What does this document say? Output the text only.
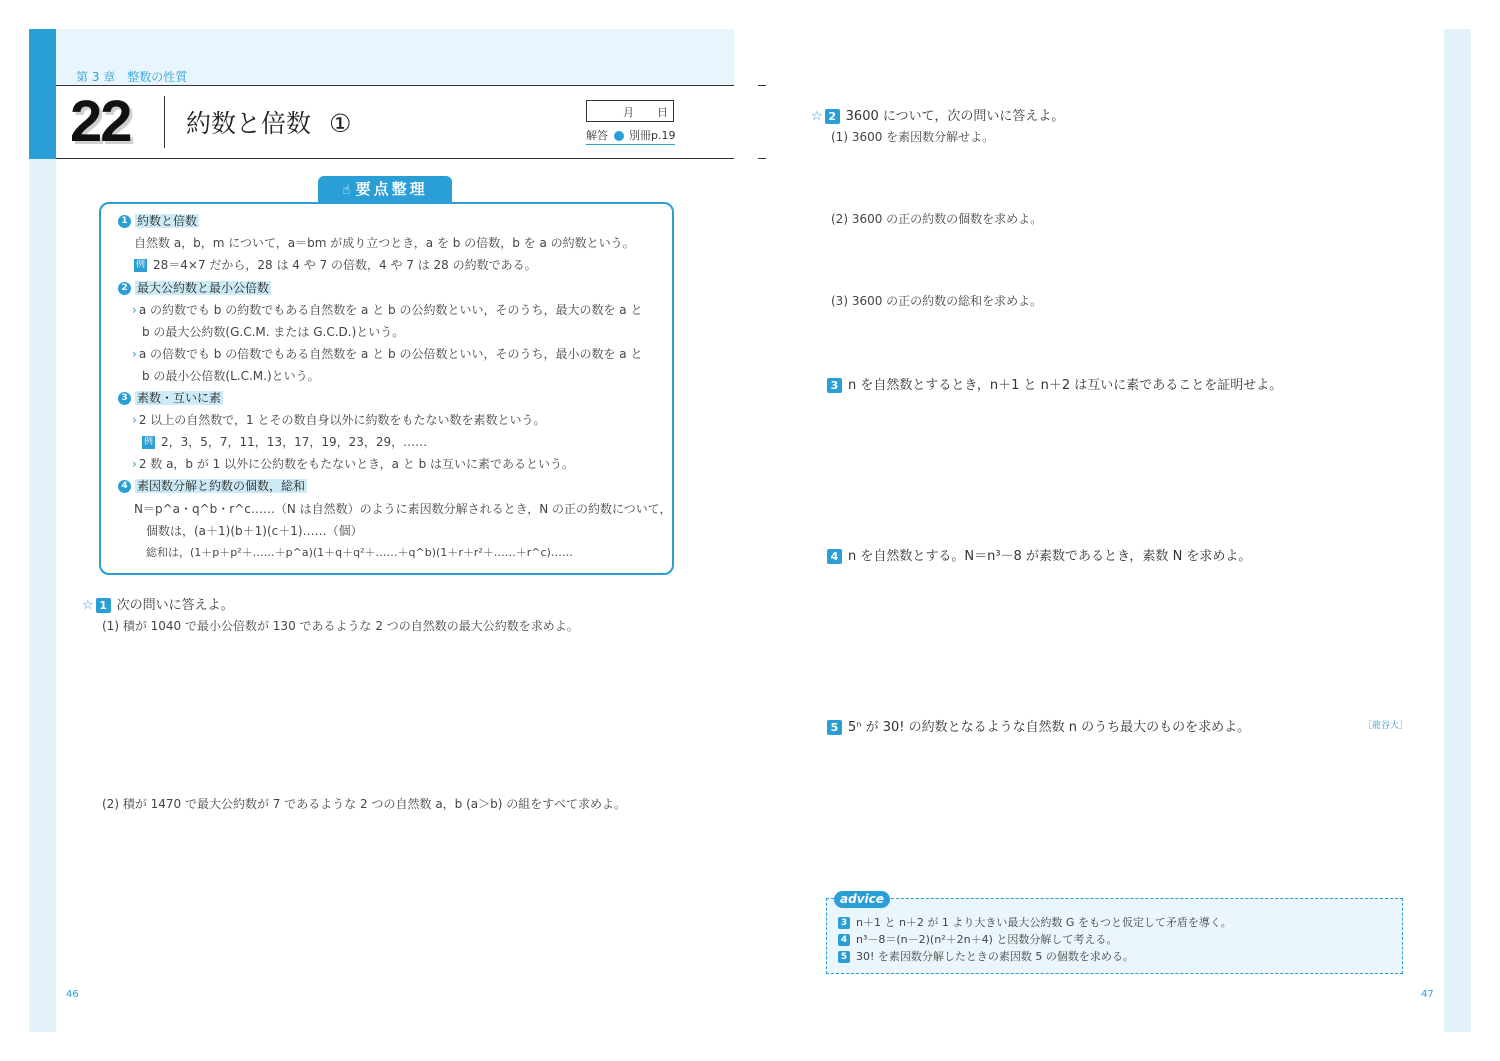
第 3 章　整数の性質
22 約数と倍数 ①	月 日
解答 別冊p.19
☝ 要点整理
1 約数と倍数
自然数 a，b，m について，a＝bm が成り立つとき，a を b の倍数，b を a の約数という。
例 28＝4×7 だから，28 は 4 や 7 の倍数，4 や 7 は 28 の約数である。
2 最大公約数と最小公倍数
› a の約数でも b の約数でもある自然数を a と b の公約数といい，そのうち，最大の数を a と
b の最大公約数(G.C.M. または G.C.D.)という。
› a の倍数でも b の倍数でもある自然数を a と b の公倍数といい，そのうち，最小の数を a と
b の最小公倍数(L.C.M.)という。
3 素数・互いに素
› 2 以上の自然数で，1 とその数自身以外に約数をもたない数を素数という。
例 2，3，5，7，11，13，17，19，23，29，……
› 2 数 a，b が 1 以外に公約数をもたないとき，a と b は互いに素であるという。
4 素因数分解と約数の個数，総和
N＝p^a・q^b・r^c……（N は自然数）のように素因数分解されるとき，N の正の約数について，
個数は，(a＋1)(b＋1)(c＋1)……（個）
総和は，(1＋p＋p²＋……＋p^a)(1＋q＋q²＋……＋q^b)(1＋r＋r²＋……＋r^c)……
☆ 1 次の問いに答えよ。
(1) 積が 1040 で最小公倍数が 130 であるような 2 つの自然数の最大公約数を求めよ。
(2) 積が 1470 で最大公約数が 7 であるような 2 つの自然数 a，b (a＞b) の組をすべて求めよ。
46
☆ 2 3600 について，次の問いに答えよ。
(1) 3600 を素因数分解せよ。
(2) 3600 の正の約数の個数を求めよ。
(3) 3600 の正の約数の総和を求めよ。
3 n を自然数とするとき，n＋1 と n＋2 は互いに素であることを証明せよ。
4 n を自然数とする。N＝n³－8 が素数であるとき，素数 N を求めよ。
5 5ⁿ が 30! の約数となるような自然数 n のうち最大のものを求めよ。	［龍谷大］
advice
3 n＋1 と n＋2 が 1 より大きい最大公約数 G をもつと仮定して矛盾を導く。
4 n³－8＝(n－2)(n²＋2n＋4) と因数分解して考える。
5 30! を素因数分解したときの素因数 5 の個数を求める。
47
